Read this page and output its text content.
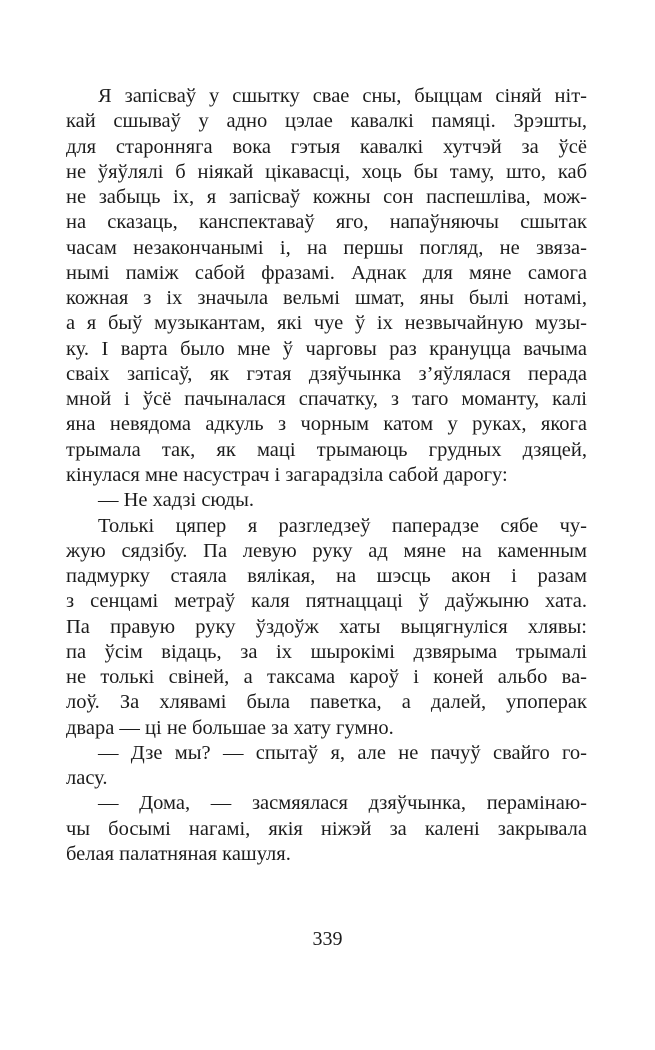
Я запісваў у сшытку свае сны, быццам сіняй ніт-
кай сшываў у адно цэлае кавалкі памяці. Зрэшты,
для старонняга вока гэтыя кавалкі хутчэй за ўсё
не ўяўлялі б ніякай цікавасці, хоць бы таму, што, каб
не забыць іх, я запісваў кожны сон паспешліва, мож-
на сказаць, канспектаваў яго, напаўняючы сшытак
часам незакончанымі і, на першы погляд, не звяза-
нымі паміж сабой фразамі. Аднак для мяне самога
кожная з іх значыла вельмі шмат, яны былі нотамі,
а я быў музыкантам, які чуе ў іх незвычайную музы-
ку. І варта было мне ў чарговы раз крануцца вачыма
сваіх запісаў, як гэтая дзяўчынка з’яўлялася перада
мной і ўсё пачыналася спачатку, з таго моманту, калі
яна невядома адкуль з чорным катом у руках, якога
трымала так, як маці трымаюць грудных дзяцей,
кінулася мне насустрач і загарадзіла сабой дарогу:
— Не хадзі сюды.
Толькі цяпер я разгледзеў паперадзе сябе чу-
жую сядзібу. Па левую руку ад мяне на каменным
падмурку стаяла вялікая, на шэсць акон і разам
з сенцамі метраў каля пятнаццаці ў даўжыню хата.
Па правую руку ўздоўж хаты выцягнуліся хлявы:
па ўсім відаць, за іх шырокімі дзвярыма трымалі
не толькі свіней, а таксама кароў і коней альбо ва-
лоў. За хлявамі была паветка, а далей, упоперак
двара — ці не большае за хату гумно.
— Дзе мы? — спытаў я, але не пачуў свайго го-
ласу.
— Дома, — засмяялася дзяўчынка, перамінаю-
чы босымі нагамі, якія ніжэй за калені закрывала
белая палатняная кашуля.
339
